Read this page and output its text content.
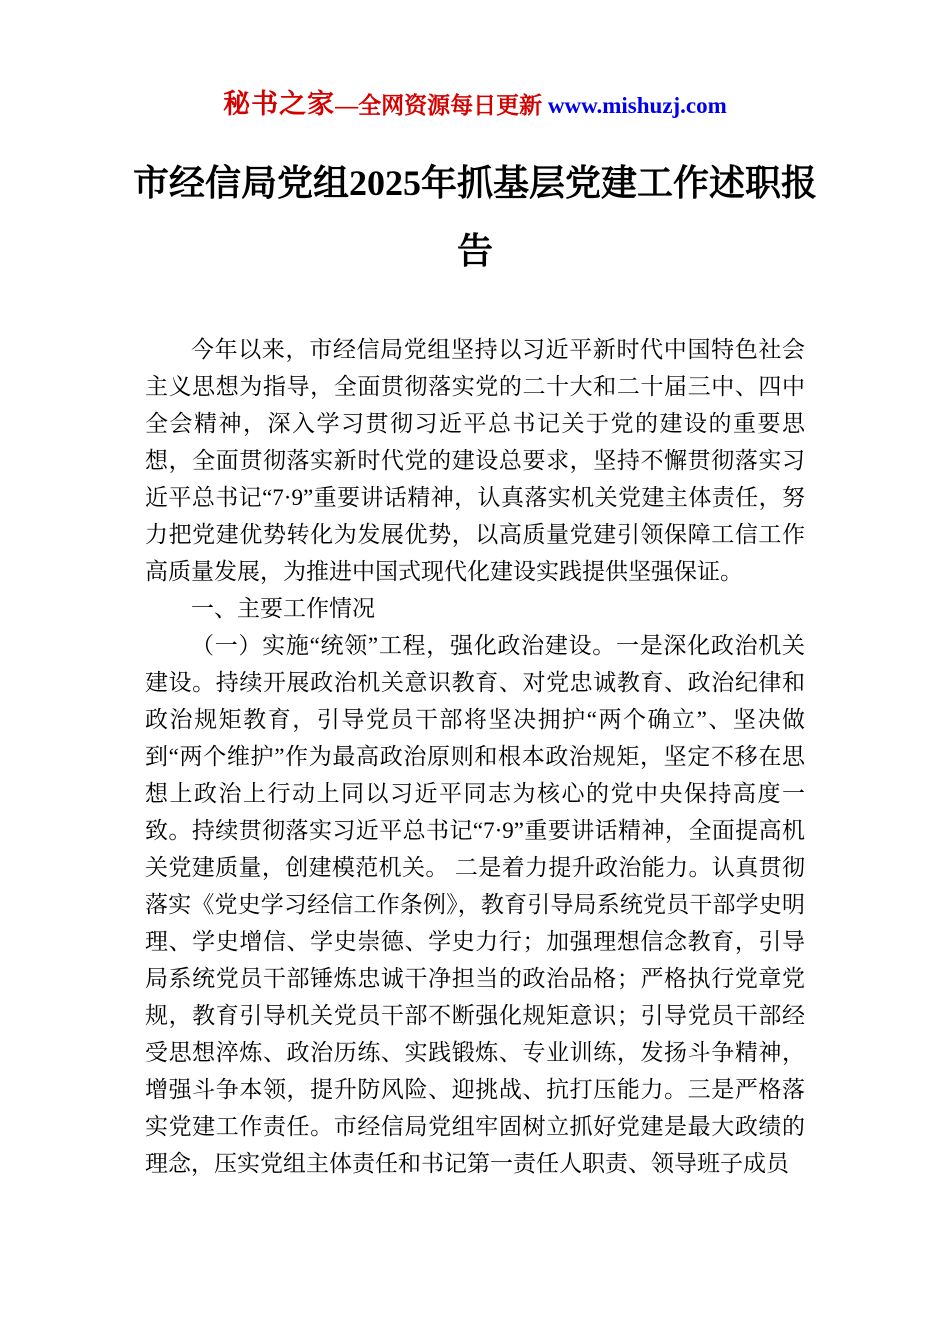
秘书之家—全网资源每日更新 www.mishuzj.com
市经信局党组2025年抓基层党建工作述职报告

今年以来，市经信局党组坚持以习近平新时代中国特色社会主义思想为指导，全面贯彻落实党的二十大和二十届三中、四中全会精神，深入学习贯彻习近平总书记关于党的建设的重要思想，全面贯彻落实新时代党的建设总要求，坚持不懈贯彻落实习近平总书记“7·9”重要讲话精神，认真落实机关党建主体责任，努力把党建优势转化为发展优势，以高质量党建引领保障工信工作高质量发展，为推进中国式现代化建设实践提供坚强保证。

一、主要工作情况

（一）实施“统领”工程，强化政治建设。一是深化政治机关建设。持续开展政治机关意识教育、对党忠诚教育、政治纪律和政治规矩教育，引导党员干部将坚决拥护“两个确立”、坚决做到“两个维护”作为最高政治原则和根本政治规矩，坚定不移在思想上政治上行动上同以习近平同志为核心的党中央保持高度一致。持续贯彻落实习近平总书记“7·9”重要讲话精神，全面提高机关党建质量，创建模范机关。 二是着力提升政治能力。认真贯彻落实《党史学习经信工作条例》，教育引导局系统党员干部学史明理、学史增信、学史崇德、学史力行；加强理想信念教育，引导局系统党员干部锤炼忠诚干净担当的政治品格；严格执行党章党规，教育引导机关党员干部不断强化规矩意识；引导党员干部经受思想淬炼、政治历练、实践锻炼、专业训练，发扬斗争精神，增强斗争本领，提升防风险、迎挑战、抗打压能力。三是严格落实党建工作责任。市经信局党组牢固树立抓好党建是最大政绩的理念，压实党组主体责任和书记第一责任人职责、领导班子成员
